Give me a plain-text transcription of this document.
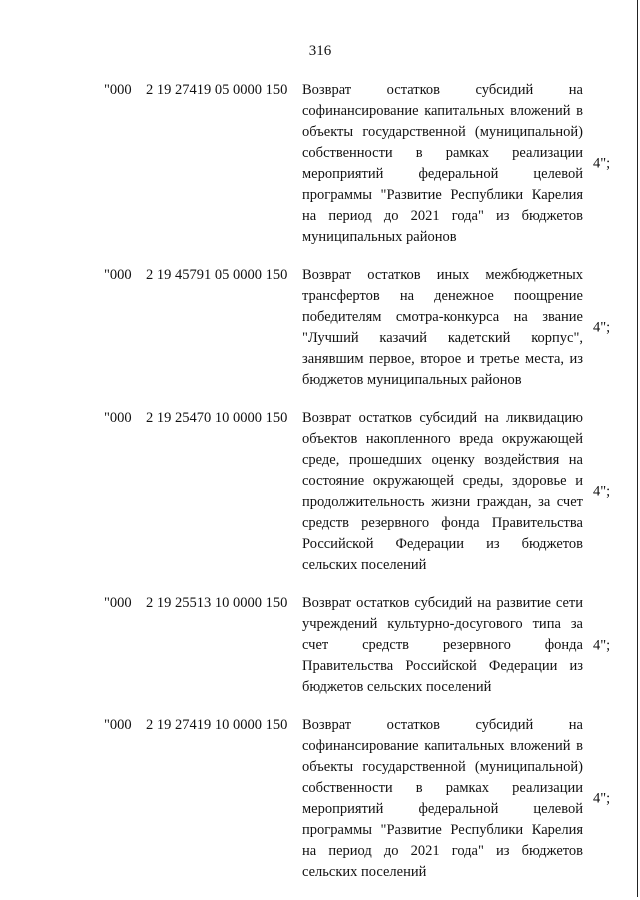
316
"000 2 19 27419 05 0000 150 Возврат остатков субсидий на софинансирование капитальных вложений в объекты государственной (муниципальной) собственности в рамках реализации мероприятий федеральной целевой программы "Развитие Республики Карелия на период до 2021 года" из бюджетов муниципальных районов
4";
"000 2 19 45791 05 0000 150 Возврат остатков иных межбюджетных трансфертов на денежное поощрение победителям смотра-конкурса на звание "Лучший казачий кадетский корпус", занявшим первое, второе и третье места, из бюджетов муниципальных районов
4";
"000 2 19 25470 10 0000 150 Возврат остатков субсидий на ликвидацию объектов накопленного вреда окружающей среде, прошедших оценку воздействия на состояние окружающей среды, здоровье и продолжительность жизни граждан, за счет средств резервного фонда Правительства Российской Федерации из бюджетов сельских поселений
4";
"000 2 19 25513 10 0000 150 Возврат остатков субсидий на развитие сети учреждений культурно-досугового типа за счет средств резервного фонда Правительства Российской Федерации из бюджетов сельских поселений
4";
"000 2 19 27419 10 0000 150 Возврат остатков субсидий на софинансирование капитальных вложений в объекты государственной (муниципальной) собственности в рамках реализации мероприятий федеральной целевой программы "Развитие Республики Карелия на период до 2021 года" из бюджетов сельских поселений
4";
